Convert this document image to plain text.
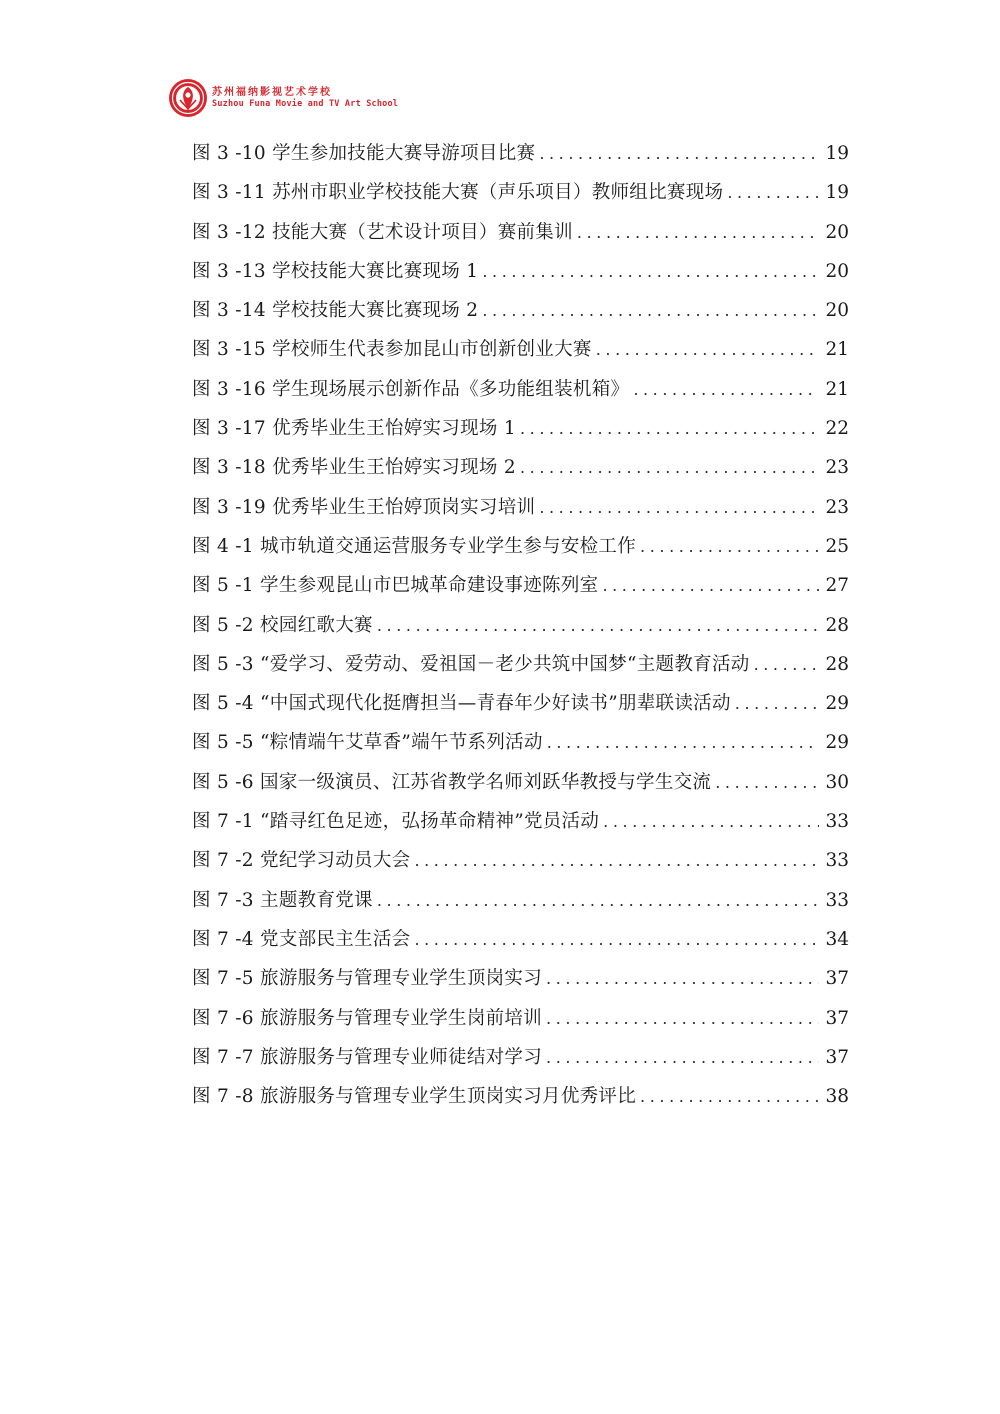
苏州福纳影视艺术学校
Suzhou Funa Movie and TV Art School
图 3 -10 学生参加技能大赛导游项目比赛 .....	19
图 3 -11 苏州市职业学校技能大赛（声乐项目）教师组比赛现场 .....	19
图 3 -12 技能大赛（艺术设计项目）赛前集训 .....	20
图 3 -13 学校技能大赛比赛现场 1 .....	20
图 3 -14 学校技能大赛比赛现场 2 .....	20
图 3 -15 学校师生代表参加昆山市创新创业大赛 .....	21
图 3 -16 学生现场展示创新作品《多功能组装机箱》 .....	21
图 3 -17 优秀毕业生王怡婷实习现场 1 .....	22
图 3 -18 优秀毕业生王怡婷实习现场 2 .....	23
图 3 -19 优秀毕业生王怡婷顶岗实习培训 .....	23
图 4 -1 城市轨道交通运营服务专业学生参与安检工作 .....	25
图 5 -1 学生参观昆山市巴城革命建设事迹陈列室 .....	27
图 5 -2 校园红歌大赛 .....	28
图 5 -3 “爱学习、爱劳动、爱祖国－老少共筑中国梦“主题教育活动 .....	28
图 5 -4 “中国式现代化挺膺担当—青春年少好读书”朋辈联读活动 .....	29
图 5 -5 “粽情端午艾草香”端午节系列活动 .....	29
图 5 -6 国家一级演员、江苏省教学名师刘跃华教授与学生交流 .....	30
图 7 -1 “踏寻红色足迹，弘扬革命精神”党员活动 .....	33
图 7 -2 党纪学习动员大会 .....	33
图 7 -3 主题教育党课 .....	33
图 7 -4 党支部民主生活会 .....	34
图 7 -5 旅游服务与管理专业学生顶岗实习 .....	37
图 7 -6 旅游服务与管理专业学生岗前培训 .....	37
图 7 -7 旅游服务与管理专业师徒结对学习 .....	37
图 7 -8 旅游服务与管理专业学生顶岗实习月优秀评比 .....	38
